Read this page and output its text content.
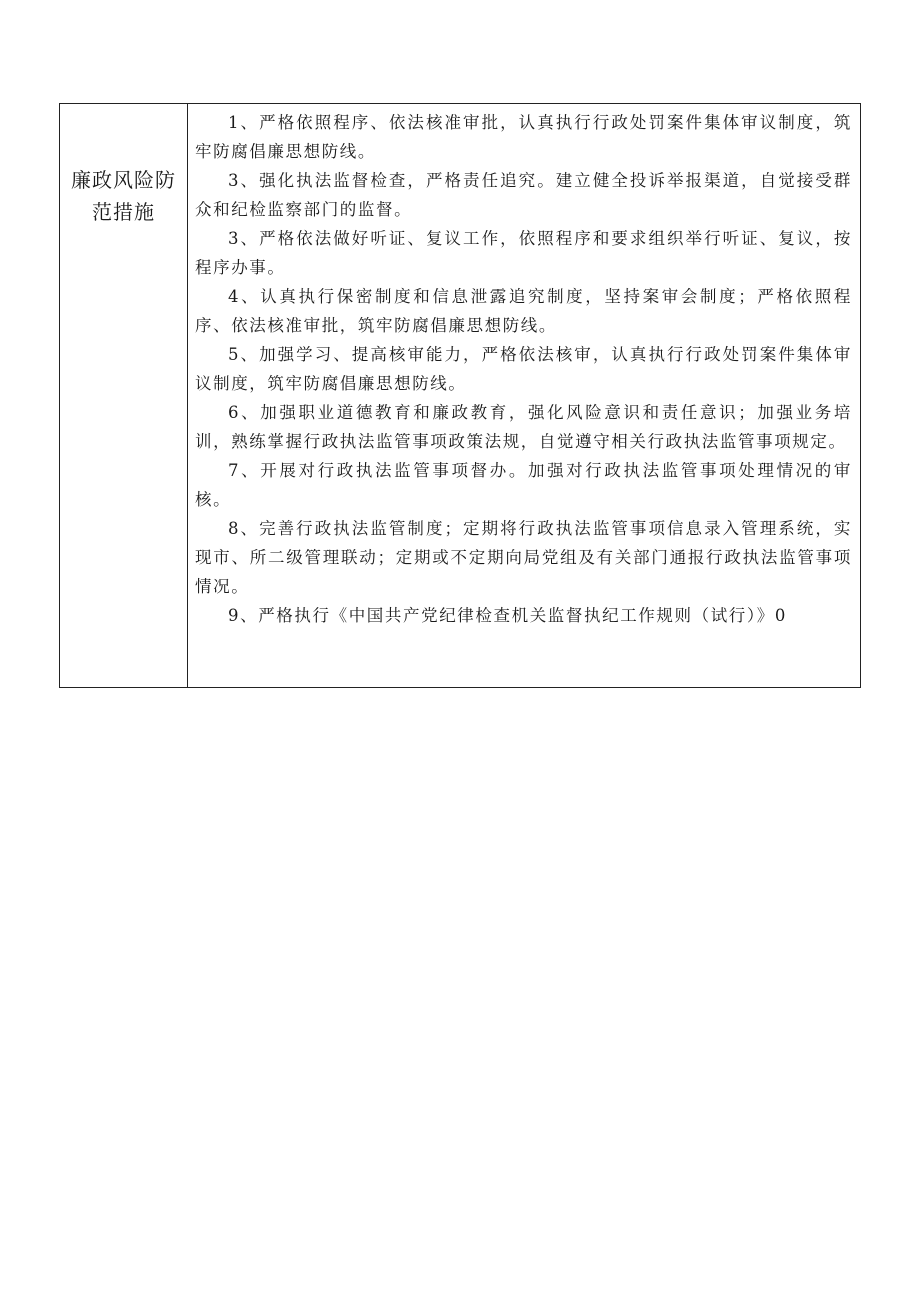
廉政风险防
范措施

1、严格依照程序、依法核准审批，认真执行行政处罚案件集体审议制度，筑牢防腐倡廉思想防线。

3、强化执法监督检查，严格责任追究。建立健全投诉举报渠道，自觉接受群众和纪检监察部门的监督。

3、严格依法做好听证、复议工作，依照程序和要求组织举行听证、复议，按程序办事。

4、认真执行保密制度和信息泄露追究制度，坚持案审会制度；严格依照程序、依法核准审批，筑牢防腐倡廉思想防线。

5、加强学习、提高核审能力，严格依法核审，认真执行行政处罚案件集体审议制度，筑牢防腐倡廉思想防线。

6、加强职业道德教育和廉政教育，强化风险意识和责任意识；加强业务培训，熟练掌握行政执法监管事项政策法规，自觉遵守相关行政执法监管事项规定。

7、开展对行政执法监管事项督办。加强对行政执法监管事项处理情况的审核。

8、完善行政执法监管制度；定期将行政执法监管事项信息录入管理系统，实现市、所二级管理联动；定期或不定期向局党组及有关部门通报行政执法监管事项情况。

9、严格执行《中国共产党纪律检查机关监督执纪工作规则（试行）》0
